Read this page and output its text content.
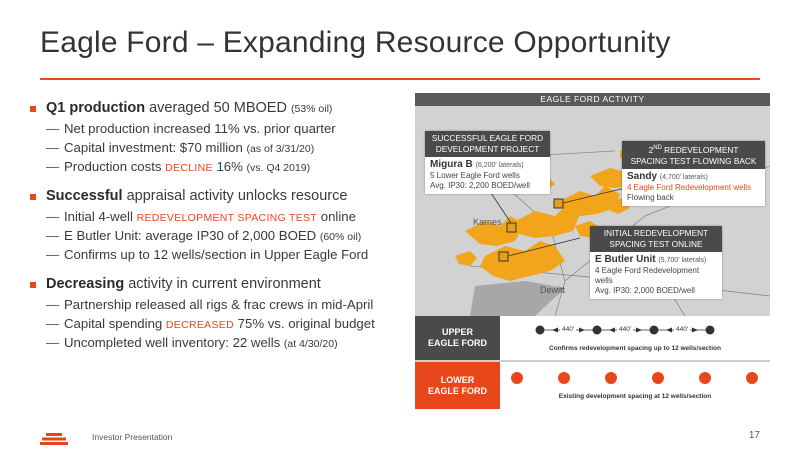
Eagle Ford – Expanding Resource Opportunity
Q1 production averaged 50 MBOED (53% oil)
— Net production increased 11% vs. prior quarter
— Capital investment: $70 million (as of 3/31/20)
— Production costs DECLINE 16% (vs. Q4 2019)
Successful appraisal activity unlocks resource
— Initial 4-well REDEVELOPMENT SPACING TEST online
— E Butler Unit: average IP30 of 2,000 BOED (60% oil)
— Confirms up to 12 wells/section in Upper Eagle Ford
Decreasing activity in current environment
— Partnership released all rigs & frac crews in mid-April
— Capital spending DECREASED 75% vs. original budget
— Uncompleted well inventory: 22 wells (at 4/30/20)
EAGLE FORD ACTIVITY
Karnes
Dewitt
SUCCESSFUL EAGLE FORD
DEVELOPMENT PROJECT
Migura B (6,200' laterals)
5 Lower Eagle Ford wells
Avg. IP30: 2,200 BOED/well
2ND REDEVELOPMENT
SPACING TEST FLOWING BACK
Sandy (4,700' laterals)
4 Eagle Ford Redevelopment wells
Flowing back
INITIAL REDEVELOPMENT
SPACING TEST ONLINE
E Butler Unit (5,700' laterals)
4 Eagle Ford Redevelopment wells
Avg. IP30: 2,000 BOED/well
UPPER
EAGLE FORD
440'	440'	440'
Confirms redevelopment spacing up to 12 wells/section
LOWER
EAGLE FORD
Existing development spacing at 12 wells/section
Investor Presentation	17
